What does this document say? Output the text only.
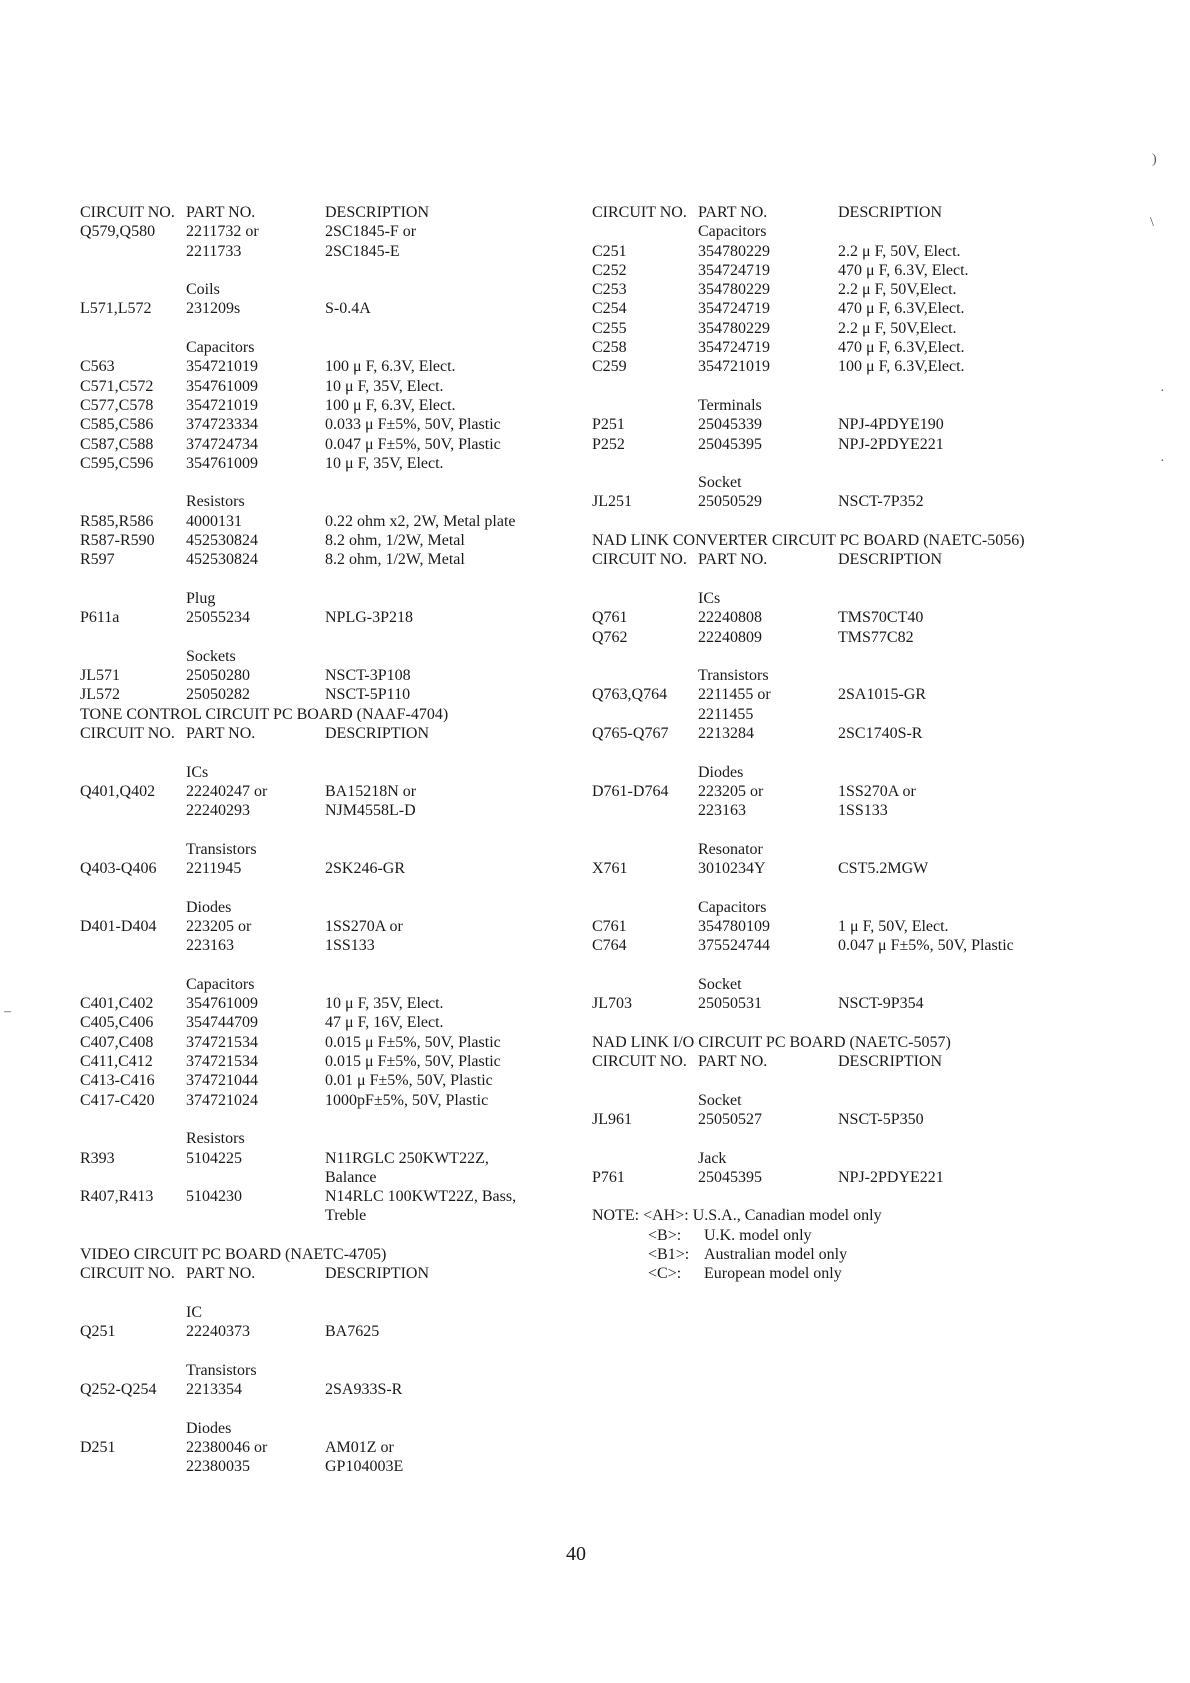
CIRCUIT NO. PART NO.	DESCRIPTION
Q579,Q580 2211732 or	2SC1845-F or
2211733	2SC1845-E
Coils
L571,L572 231209s	S-0.4A
Capacitors
C563	354721019	100 μ F, 6.3V, Elect.
C571,C572 354761009	10 μ F, 35V, Elect.
C577,C578 354721019	100 μ F, 6.3V, Elect.
C585,C586 374723334	0.033 μ F±5%, 50V, Plastic
C587,C588 374724734	0.047 μ F±5%, 50V, Plastic
C595,C596 354761009	10 μ F, 35V, Elect.
Resistors
R585,R586 4000131	0.22 ohm x2, 2W, Metal plate
R587-R590 452530824	8.2 ohm, 1/2W, Metal
R597	452530824	8.2 ohm, 1/2W, Metal
Plug
P611a	25055234	NPLG-3P218
Sockets
JL571	25050280	NSCT-3P108
JL572	25050282	NSCT-5P110
TONE CONTROL CIRCUIT PC BOARD (NAAF-4704)
CIRCUIT NO. PART NO.	DESCRIPTION
ICs
Q401,Q402 22240247 or	BA15218N or
22240293	NJM4558L-D
Transistors
Q403-Q406 2211945	2SK246-GR
Diodes
D401-D404 223205 or	1SS270A or
223163	1SS133
Capacitors
C401,C402 354761009	10 μ F, 35V, Elect.
C405,C406 354744709	47 μ F, 16V, Elect.
C407,C408 374721534	0.015 μ F±5%, 50V, Plastic
C411,C412 374721534	0.015 μ F±5%, 50V, Plastic
C413-C416 374721044	0.01 μ F±5%, 50V, Plastic
C417-C420 374721024	1000pF±5%, 50V, Plastic
Resistors
R393	5104225	N11RGLC 250KWT22Z,
Balance
R407,R413 5104230	N14RLC 100KWT22Z, Bass,
Treble
VIDEO CIRCUIT PC BOARD (NAETC-4705)
CIRCUIT NO. PART NO.	DESCRIPTION
IC
Q251	22240373	BA7625
Transistors
Q252-Q254 2213354	2SA933S-R
Diodes
D251	22380046 or	AM01Z or
22380035	GP104003E
CIRCUIT NO. PART NO.	DESCRIPTION
Capacitors
C251	354780229	2.2 μ F, 50V, Elect.
C252	354724719	470 μ F, 6.3V, Elect.
C253	354780229	2.2 μ F, 50V,Elect.
C254	354724719	470 μ F, 6.3V,Elect.
C255	354780229	2.2 μ F, 50V,Elect.
C258	354724719	470 μ F, 6.3V,Elect.
C259	354721019	100 μ F, 6.3V,Elect.
Terminals
P251	25045339	NPJ-4PDYE190
P252	25045395	NPJ-2PDYE221
Socket
JL251	25050529	NSCT-7P352
NAD LINK CONVERTER CIRCUIT PC BOARD (NAETC-5056)
CIRCUIT NO. PART NO.	DESCRIPTION
ICs
Q761	22240808	TMS70CT40
Q762	22240809	TMS77C82
Transistors
Q763,Q764 2211455 or	2SA1015-GR
2211455
Q765-Q767 2213284	2SC1740S-R
Diodes
D761-D764 223205 or	1SS270A or
223163	1SS133
Resonator
X761	3010234Y	CST5.2MGW
Capacitors
C761	354780109	1 μ F, 50V, Elect.
C764	375524744	0.047 μ F±5%, 50V, Plastic
Socket
JL703	25050531	NSCT-9P354
NAD LINK I/O CIRCUIT PC BOARD (NAETC-5057)
CIRCUIT NO. PART NO.	DESCRIPTION
Socket
JL961	25050527	NSCT-5P350
Jack
P761	25045395	NPJ-2PDYE221
NOTE: <AH>: U.S.A., Canadian model only
<B>: U.K. model only
<B1>: Australian model only
<C>: European model only
40
)
\
·
·
–
